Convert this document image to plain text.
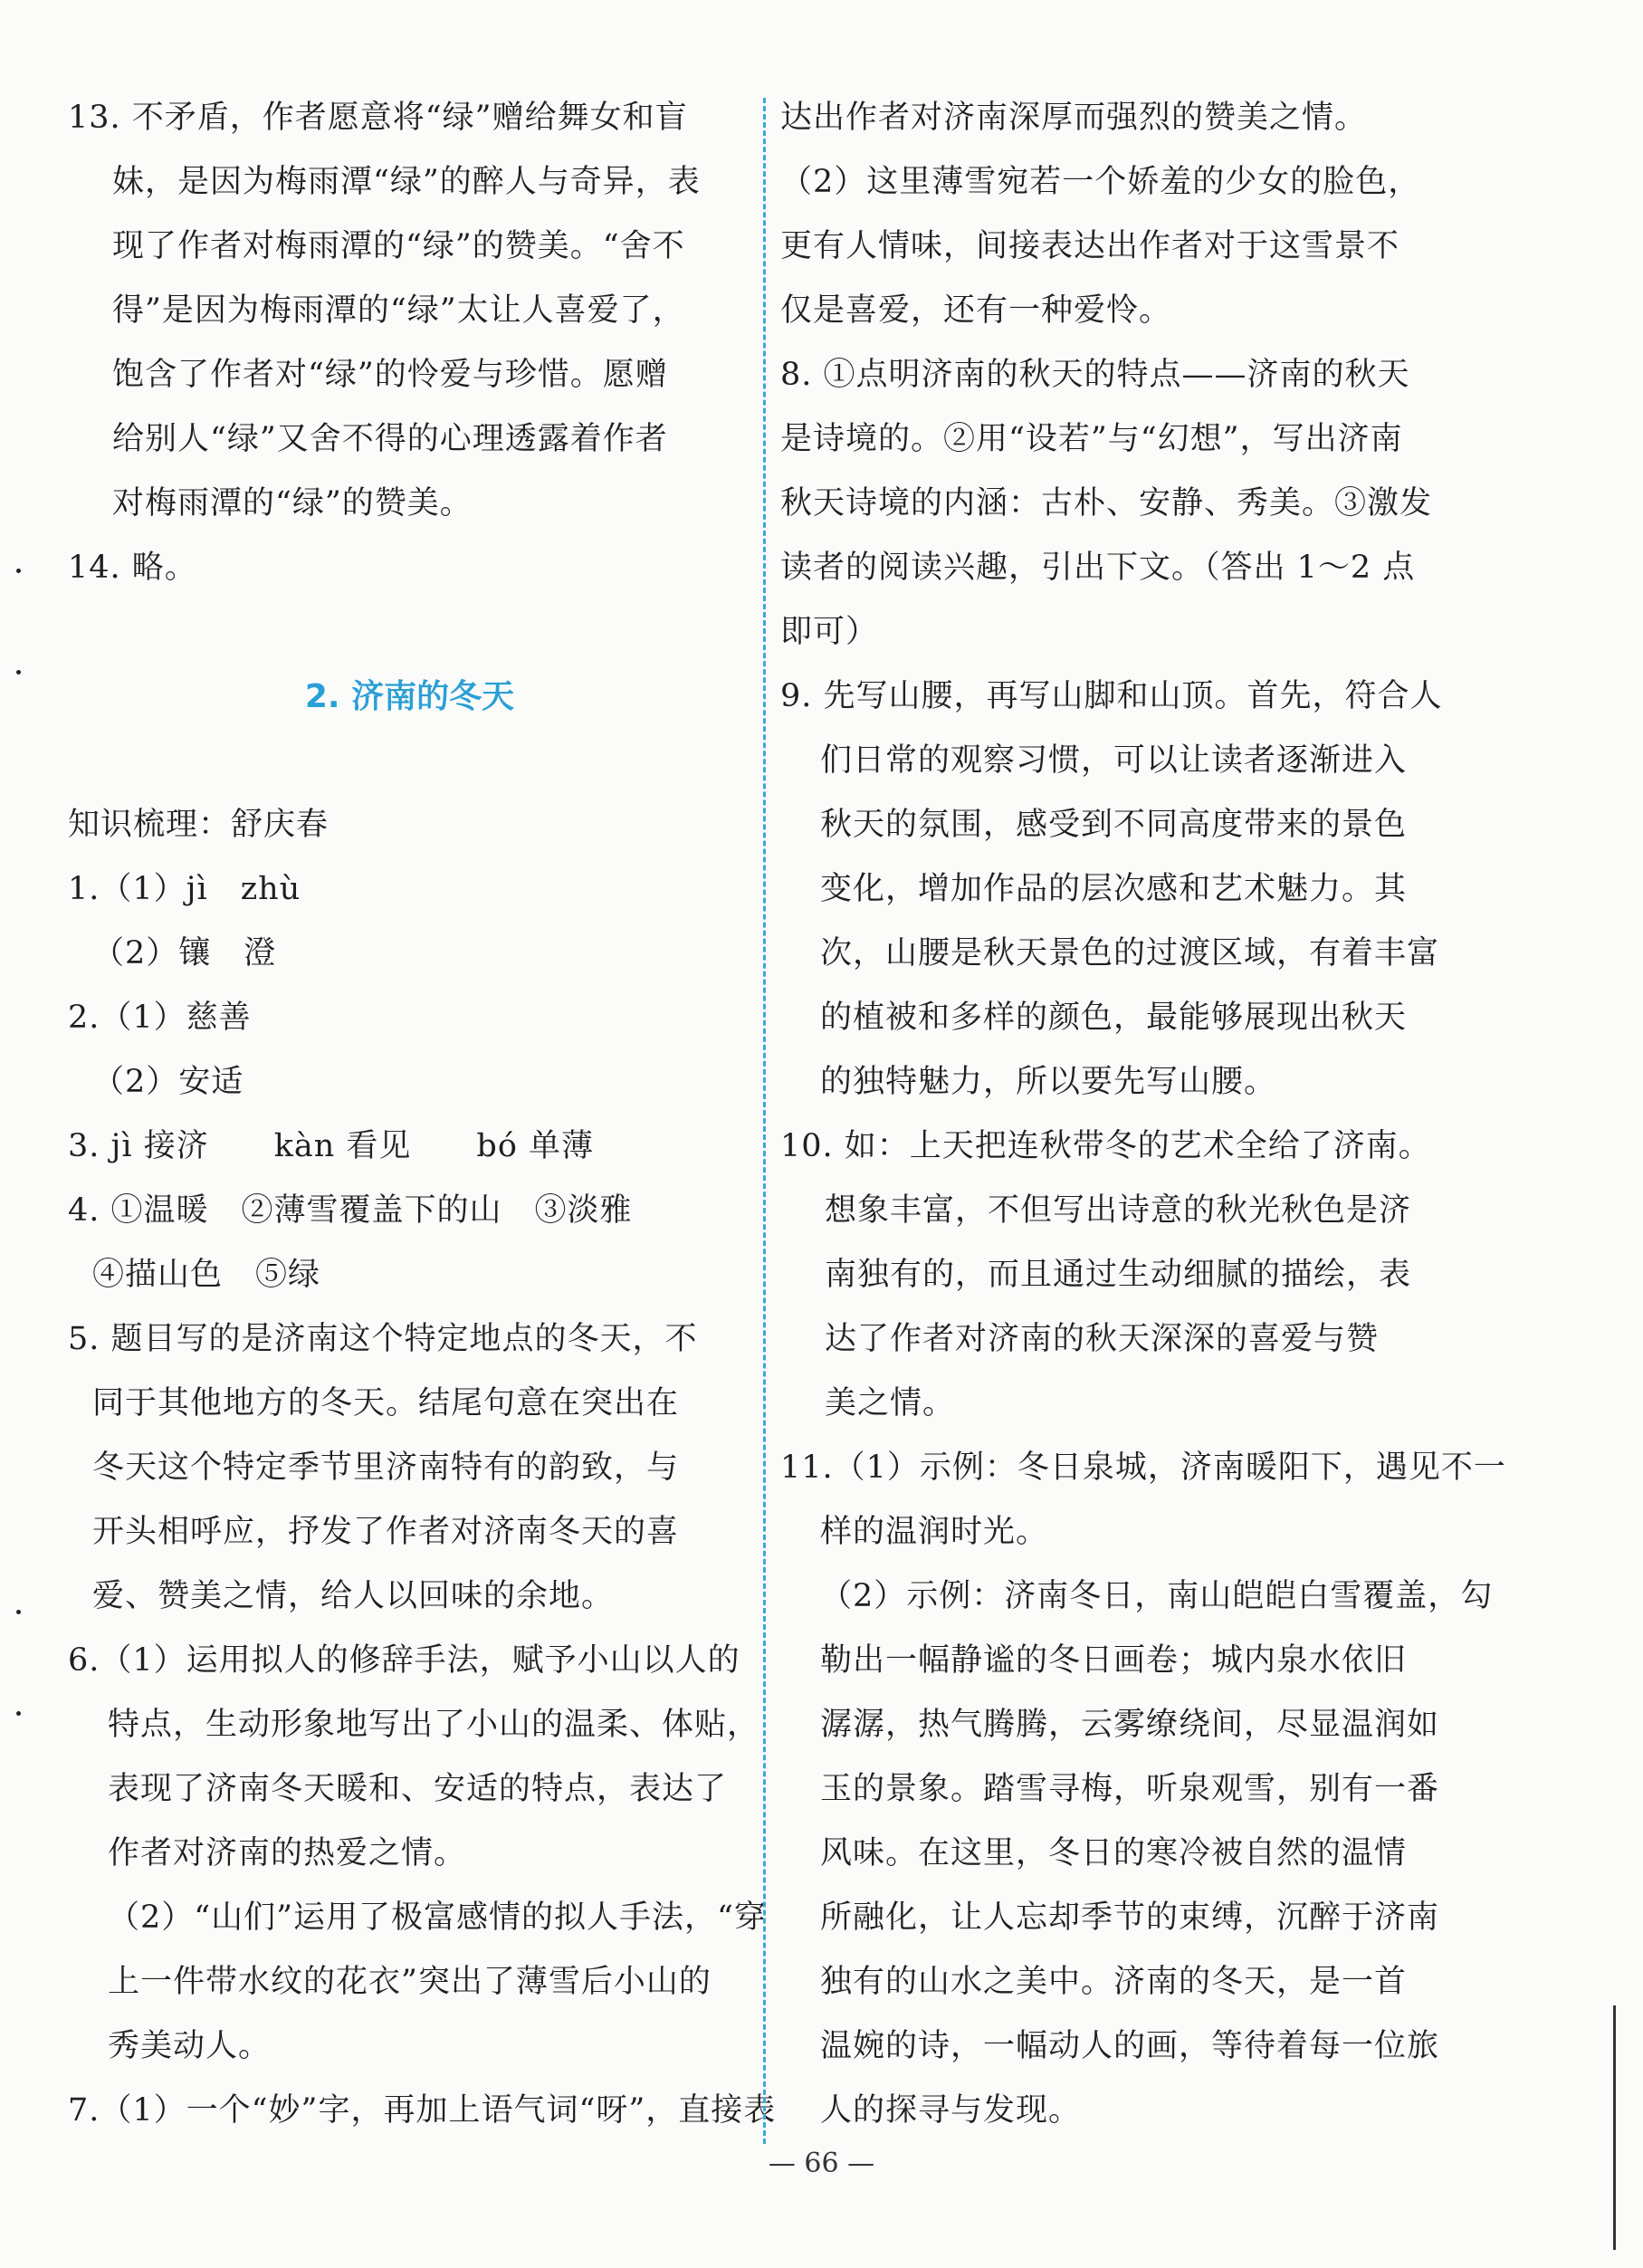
13. 不矛盾，作者愿意将“绿”赠给舞女和盲
妹，是因为梅雨潭“绿”的醉人与奇异，表
现了作者对梅雨潭的“绿”的赞美。“舍不
得”是因为梅雨潭的“绿”太让人喜爱了，
饱含了作者对“绿”的怜爱与珍惜。愿赠
给别人“绿”又舍不得的心理透露着作者
对梅雨潭的“绿”的赞美。
14. 略。
2. 济南的冬天
知识梳理：舒庆春
1.（1）jì　zhù
（2）镶　澄
2.（1）慈善
（2）安适
3. jì 接济　　kàn 看见　　bó 单薄
4. ①温暖　②薄雪覆盖下的山　③淡雅
④描山色　⑤绿
5. 题目写的是济南这个特定地点的冬天，不
同于其他地方的冬天。结尾句意在突出在
冬天这个特定季节里济南特有的韵致，与
开头相呼应，抒发了作者对济南冬天的喜
爱、赞美之情，给人以回味的余地。
6.（1）运用拟人的修辞手法，赋予小山以人的
特点，生动形象地写出了小山的温柔、体贴，
表现了济南冬天暖和、安适的特点，表达了
作者对济南的热爱之情。
（2）“山们”运用了极富感情的拟人手法，“穿
上一件带水纹的花衣”突出了薄雪后小山的
秀美动人。
7.（1）一个“妙”字，再加上语气词“呀”，直接表
达出作者对济南深厚而强烈的赞美之情。
（2）这里薄雪宛若一个娇羞的少女的脸色，
更有人情味，间接表达出作者对于这雪景不
仅是喜爱，还有一种爱怜。
8. ①点明济南的秋天的特点——济南的秋天
是诗境的。②用“设若”与“幻想”，写出济南
秋天诗境的内涵：古朴、安静、秀美。③激发
读者的阅读兴趣，引出下文。（答出 1～2 点
即可）
9. 先写山腰，再写山脚和山顶。首先，符合人
们日常的观察习惯，可以让读者逐渐进入
秋天的氛围，感受到不同高度带来的景色
变化，增加作品的层次感和艺术魅力。其
次，山腰是秋天景色的过渡区域，有着丰富
的植被和多样的颜色，最能够展现出秋天
的独特魅力，所以要先写山腰。
10. 如：上天把连秋带冬的艺术全给了济南。
想象丰富，不但写出诗意的秋光秋色是济
南独有的，而且通过生动细腻的描绘，表
达了作者对济南的秋天深深的喜爱与赞
美之情。
11.（1）示例：冬日泉城，济南暖阳下，遇见不一
样的温润时光。
（2）示例：济南冬日，南山皑皑白雪覆盖，勾
勒出一幅静谧的冬日画卷；城内泉水依旧
潺潺，热气腾腾，云雾缭绕间，尽显温润如
玉的景象。踏雪寻梅，听泉观雪，别有一番
风味。在这里，冬日的寒冷被自然的温情
所融化，让人忘却季节的束缚，沉醉于济南
独有的山水之美中。济南的冬天，是一首
温婉的诗，一幅动人的画，等待着每一位旅
人的探寻与发现。
— 66 —
